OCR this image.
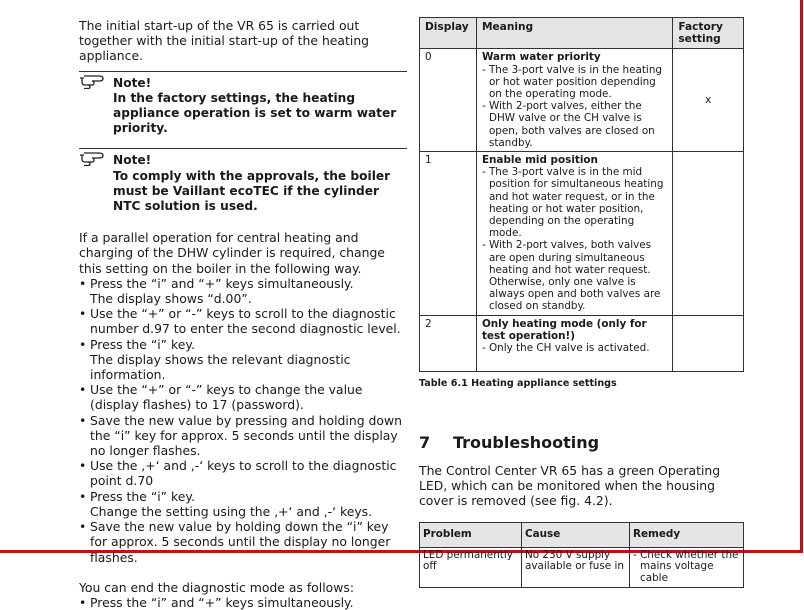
The initial start-up of the VR 65 is carried out together with the initial start-up of the heating appliance.

Note!
In the factory settings, the heating appliance operation is set to warm water priority.
Note!
To comply with the approvals, the boiler must be Vaillant ecoTEC if the cylinder NTC solution is used.

If a parallel operation for central heating and charging of the DHW cylinder is required, change this setting on the boiler in the following way.

• Press the “i” and “+” keys simultaneously.
The display shows “d.00”.
• Use the “+” or “-” keys to scroll to the diagnostic number d.97 to enter the second diagnostic level.
• Press the “i” key.
The display shows the relevant diagnostic information.
• Use the “+” or “-” keys to change the value (display flashes) to 17 (password).
• Save the new value by pressing and holding down the “i” key for approx. 5 seconds until the display no longer flashes.
• Use the ,+‘ and ,-‘ keys to scroll to the diagnostic point d.70
• Press the “i” key.
Change the setting using the ,+‘ and ,-‘ keys.
• Save the new value by holding down the “i” key for approx. 5 seconds until the display no longer flashes.

You can end the diagnostic mode as follows:

• Press the “i” and “+” keys simultaneously.
Display	Meaning	Factory setting
0	Warm water priority
- The 3-port valve is in the heating or hot water position depending on the operating mode.
- With 2-port valves, either the DHW valve or the CH valve is open, both valves are closed on standby.	x
1	Enable mid position
- The 3-port valve is in the mid position for simultaneous heating and hot water request, or in the heating or hot water position, depending on the operating mode.
- With 2-port valves, both valves are open during simultaneous heating and hot water request. Otherwise, only one valve is always open and both valves are closed on standby.

2	Only heating mode (only for test operation!)
- Only the CH valve is activated.

Table 6.1 Heating appliance settings
7 Troubleshooting

The Control Center VR 65 has a green Operating LED, which can be monitored when the housing cover is removed (see fig. 4.2).

Problem	Cause	Remedy
LED permanently off	No 230 V supply available or fuse in	- Check whether the mains voltage cable
